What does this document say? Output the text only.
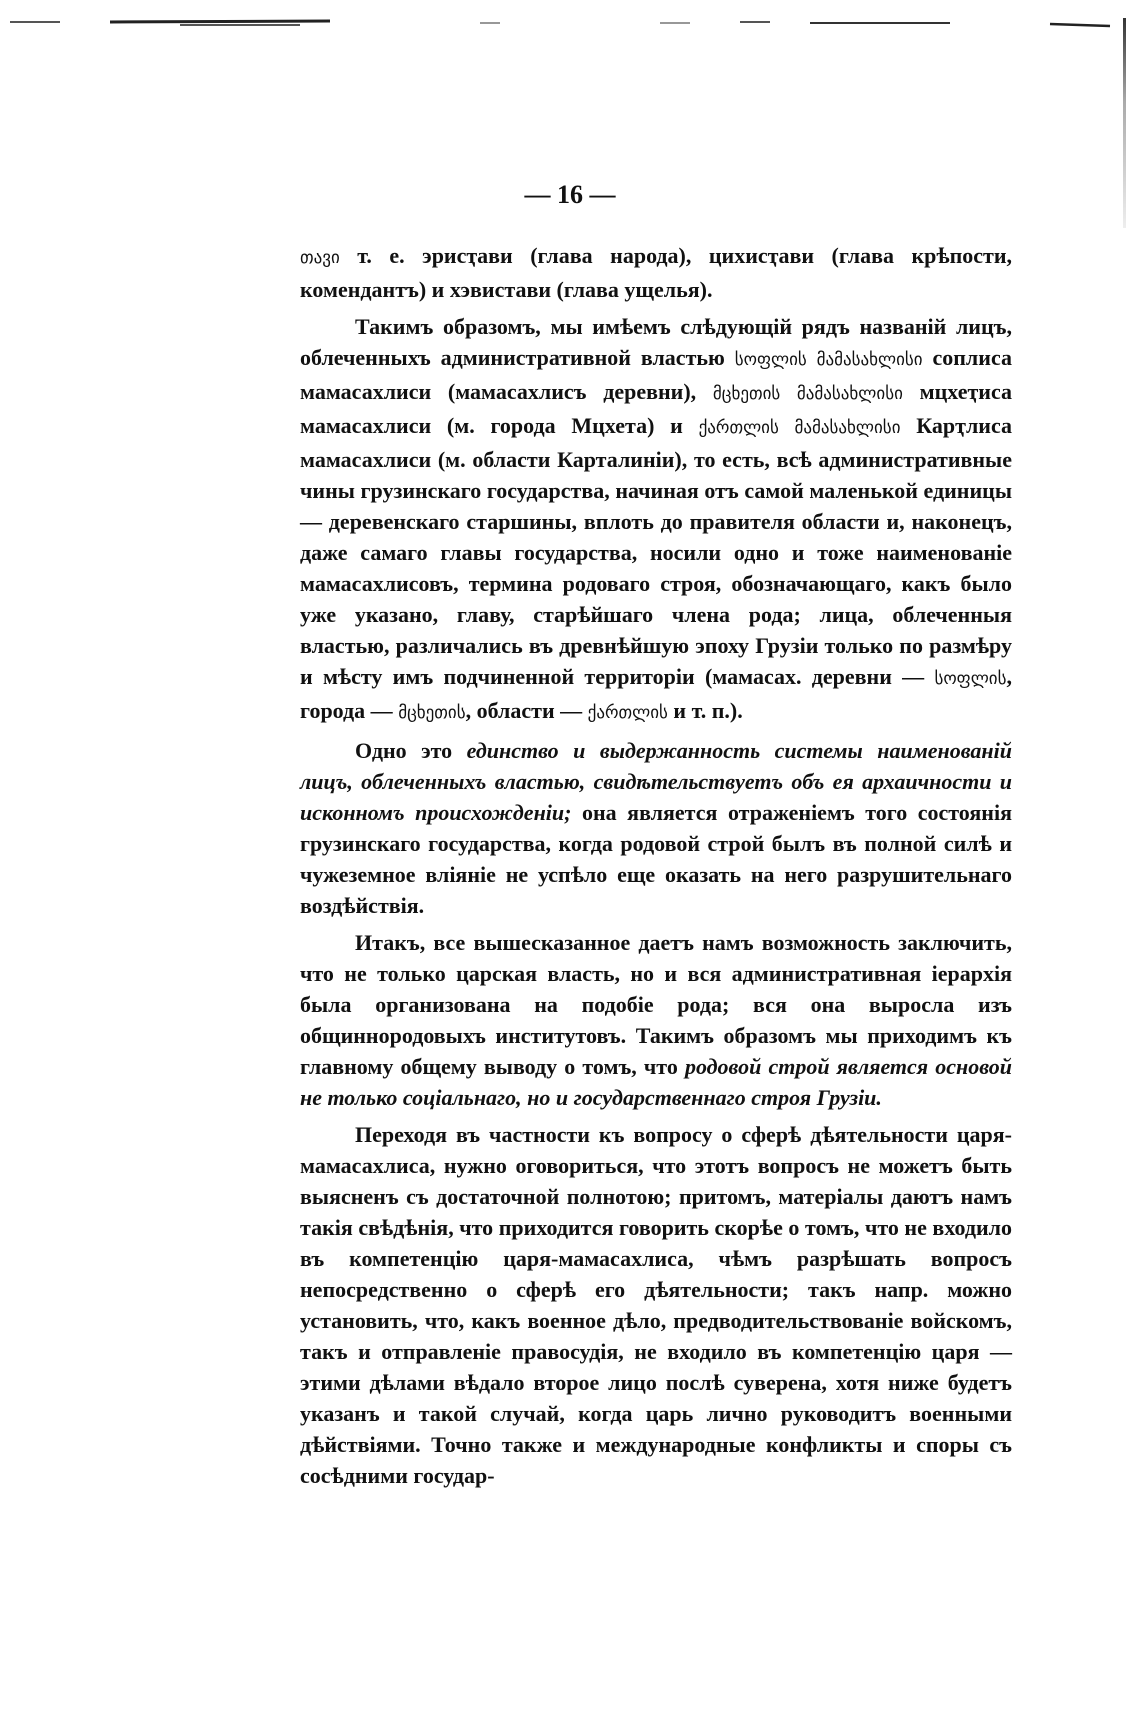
— 16 —

თავი т. е. эрисҭави (глава народа), цихисҭави (глава крѣпости, комендантъ) и хэвистави (глава ущелья).

Такимъ образомъ, мы имѣемъ слѣдующій рядъ названій лицъ, облеченныхъ административной властью სოფლის მამასახლისი соплиса мамасахлиси (мамасахлисъ деревни), მცხეთის მამასახლისი мцхеҭиса мамасахлиси (м. города Мцхета) и ქართლის მამასახლისი Карҭлиса мамасахлиси (м. области Карталиніи), то есть, всѣ административные чины грузинскаго государства, начиная отъ самой маленькой единицы — деревенскаго старшины, вплоть до правителя области и, наконецъ, даже самаго главы государства, носили одно и тоже наименованіе мамасахлисовъ, термина родоваго строя, обозначающаго, какъ было уже указано, главу, старѣйшаго члена рода; лица, облеченныя властью, различались въ древнѣйшую эпоху Грузіи только по размѣру и мѣсту имъ подчиненной территоріи (мамасах. деревни — სოფლის, города — მცხეთის, области — ქართლის и т. п.).

Одно это единство и выдержанность системы наименованій лицъ, облеченныхъ властью, свидѣтельствуетъ объ ея архаичности и исконномъ происхожденіи; она является отраженіемъ того состоянія грузинскаго государства, когда родовой строй былъ въ полной силѣ и чужеземное вліяніе не успѣло еще оказать на него разрушительнаго воздѣйствія.

Итакъ, все вышесказанное даетъ намъ возможность заключить, что не только царская власть, но и вся административная іерархія была организована на подобіе рода; вся она выросла изъ общиннородовыхъ институтовъ. Такимъ образомъ мы приходимъ къ главному общему выводу о томъ, что родовой строй является основой не только соціальнаго, но и государственнаго строя Грузіи.

Переходя въ частности къ вопросу о сферѣ дѣятельности царя-мамасахлиса, нужно оговориться, что этотъ вопросъ не можетъ быть выясненъ съ достаточной полнотою; притомъ, матеріалы даютъ намъ такія свѣдѣнія, что приходится говорить скорѣе о томъ, что не входило въ компетенцію царя-мамасахлиса, чѣмъ разрѣшать вопросъ непосредственно о сферѣ его дѣятельности; такъ напр. можно установить, что, какъ военное дѣло, предводительствованіе войскомъ, такъ и отправленіе правосудія, не входило въ компетенцію царя — этими дѣлами вѣдало второе лицо послѣ суверена, хотя ниже будетъ указанъ и такой случай, когда царь лично руководитъ военными дѣйствіями. Точно также и международные конфликты и споры съ сосѣдними государ-
